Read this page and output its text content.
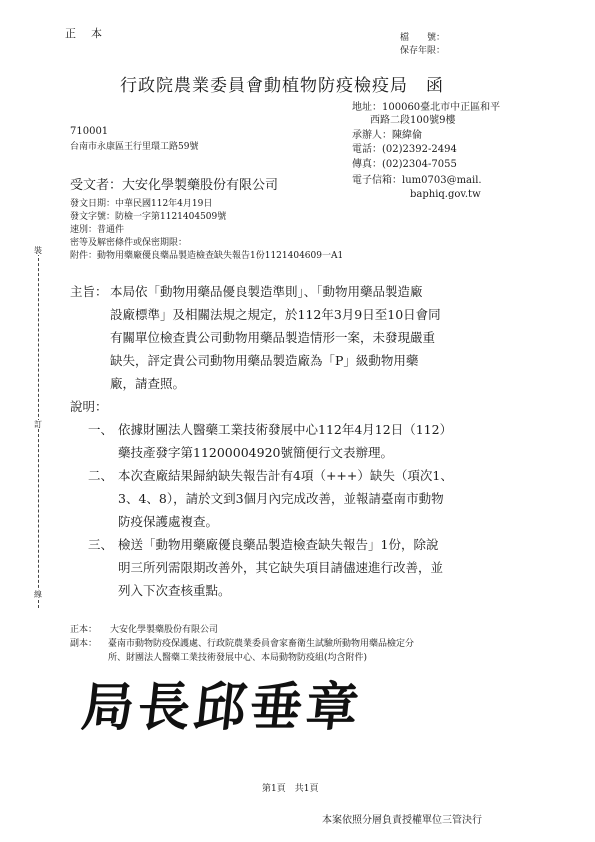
正　本	檔　　號：
保存年限：
行政院農業委員會動植物防疫檢疫局　函
地址：100060臺北市中正區和平
西路二段100號9樓
承辦人：陳緯倫
電話：(02)2392-2494
傳真：(02)2304-7055
電子信箱：lum0703@mail.
baphiq.gov.tw
710001
台南市永康區王行里環工路59號
受文者：大安化學製藥股份有限公司
發文日期：中華民國112年4月19日
發文字號：防檢一字第1121404509號
速別：普通件
密等及解密條件或保密期限：
附件：動物用藥廠優良藥品製造檢查缺失報告1份1121404609一A1
裝
訂
線
主旨： 本局依「動物用藥品優良製造準則」、「動物用藥品製造廠
設廠標準」及相關法規之規定，於112年3月9日至10日會同
有關單位檢查貴公司動物用藥品製造情形一案，未發現嚴重
缺失，評定貴公司動物用藥品製造廠為「P」級動物用藥
廠，請查照。
說明：
一、 依據財團法人醫藥工業技術發展中心112年4月12日（112）
藥技產發字第11200004920號簡便行文表辦理。
二、 本次查廠結果歸納缺失報告計有4項（+++）缺失（項次1、
3、4、8），請於文到3個月內完成改善，並報請臺南市動物
防疫保護處複查。
三、 檢送「動物用藥廠優良藥品製造檢查缺失報告」1份，除說
明三所列需限期改善外，其它缺失項目請儘速進行改善，並
列入下次查核重點。
正本： 大安化學製藥股份有限公司
副本： 臺南市動物防疫保護處、行政院農業委員會家畜衛生試驗所動物用藥品檢定分
所、財團法人醫藥工業技術發展中心、本局動物防疫組(均含附件)
局長邱垂章
第1頁　共1頁
本案依照分層負責授權單位三管決行
